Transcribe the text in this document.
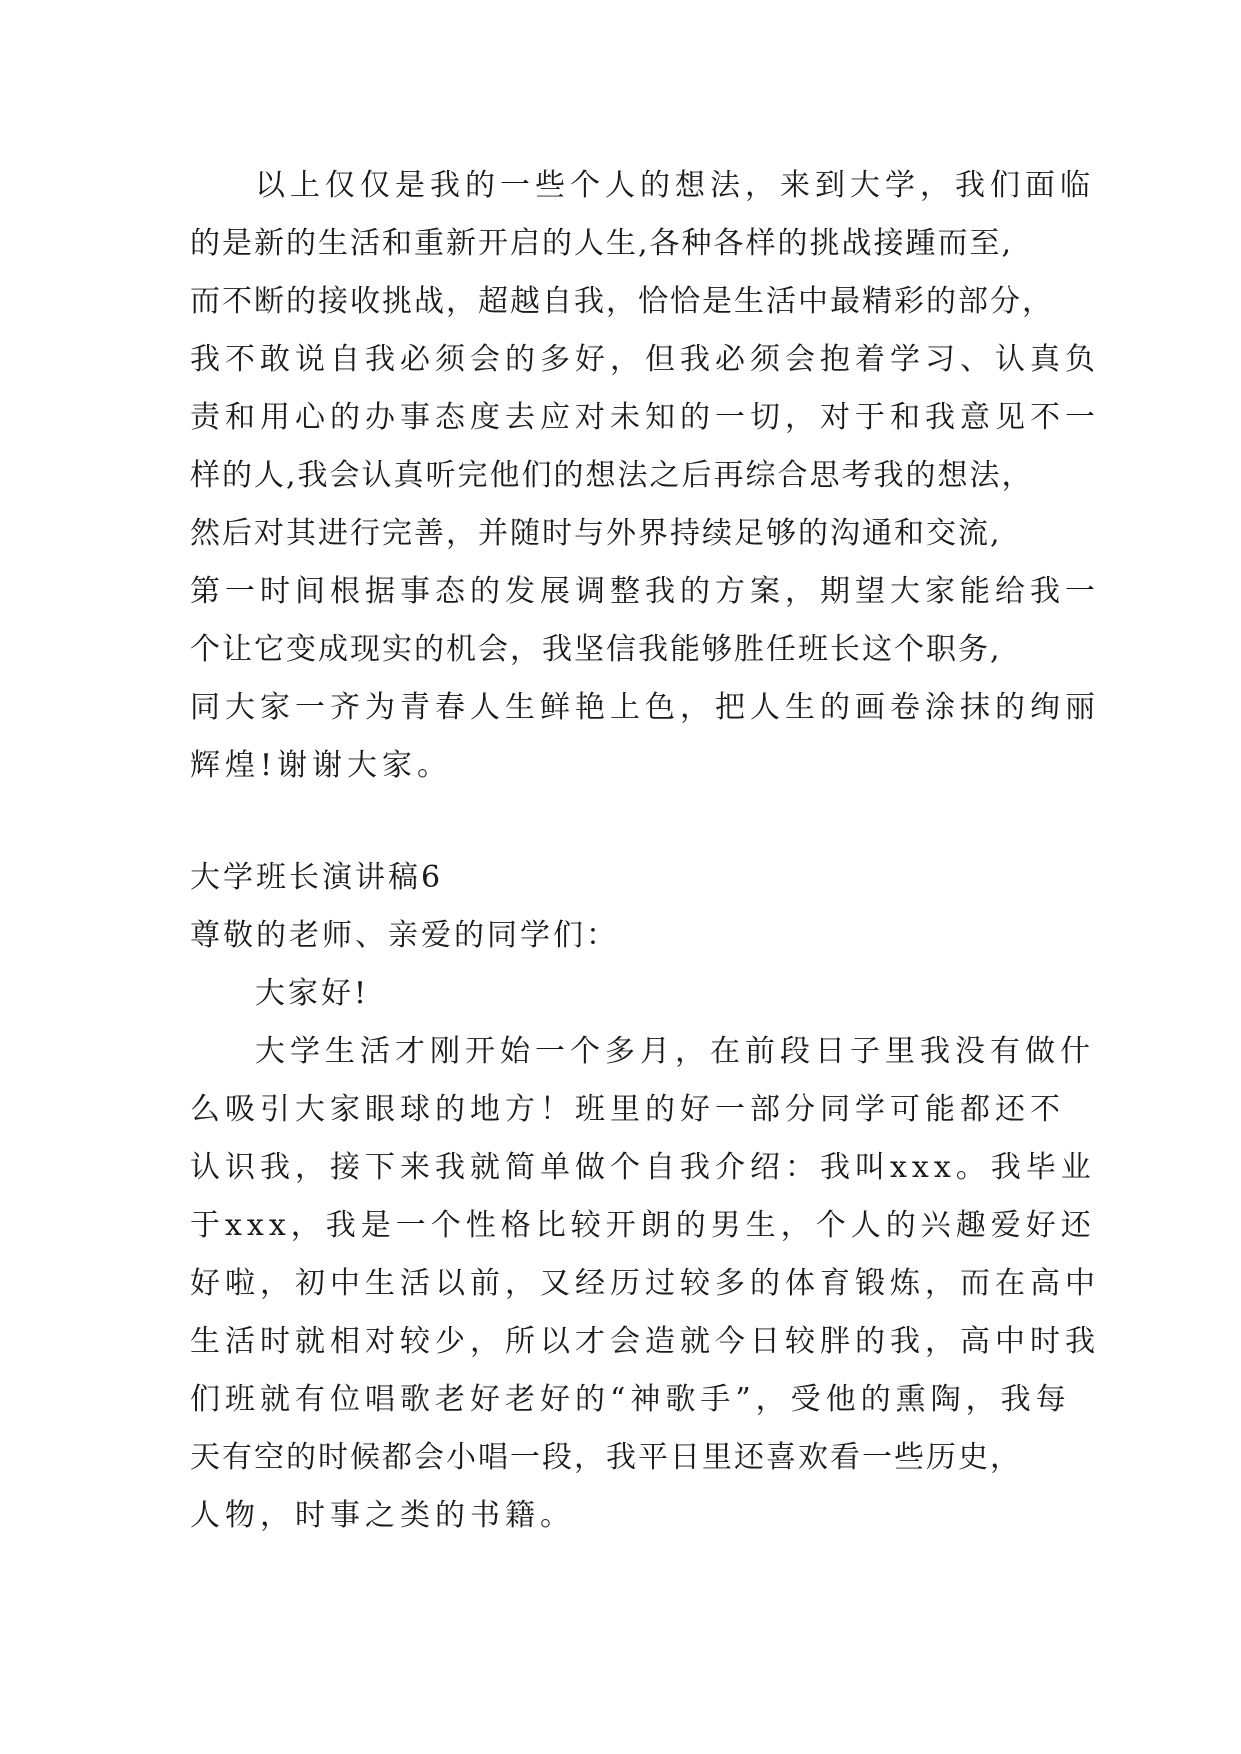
以上仅仅是我的一些个人的想法，来到大学，我们面临
的是新的生活和重新开启的人生,各种各样的挑战接踵而至,
而不断的接收挑战，超越自我，恰恰是生活中最精彩的部分，
我不敢说自我必须会的多好，但我必须会抱着学习、认真负
责和用心的办事态度去应对未知的一切，对于和我意见不一
样的人,我会认真听完他们的想法之后再综合思考我的想法，
然后对其进行完善，并随时与外界持续足够的沟通和交流,
第一时间根据事态的发展调整我的方案，期望大家能给我一
个让它变成现实的机会，我坚信我能够胜任班长这个职务,
同大家一齐为青春人生鲜艳上色，把人生的画卷涂抹的绚丽
辉煌!谢谢大家。
大学班长演讲稿6
尊敬的老师、亲爱的同学们：
大家好!
大学生活才刚开始一个多月，在前段日子里我没有做什
么吸引大家眼球的地方！班里的好一部分同学可能都还不
认识我，接下来我就简单做个自我介绍：我叫xxx。我毕业
于xxx，我是一个性格比较开朗的男生，个人的兴趣爱好还
好啦，初中生活以前，又经历过较多的体育锻炼，而在高中
生活时就相对较少，所以才会造就今日较胖的我，高中时我
们班就有位唱歌老好老好的“神歌手”，受他的熏陶，我每
天有空的时候都会小唱一段，我平日里还喜欢看一些历史，
人物，时事之类的书籍。
